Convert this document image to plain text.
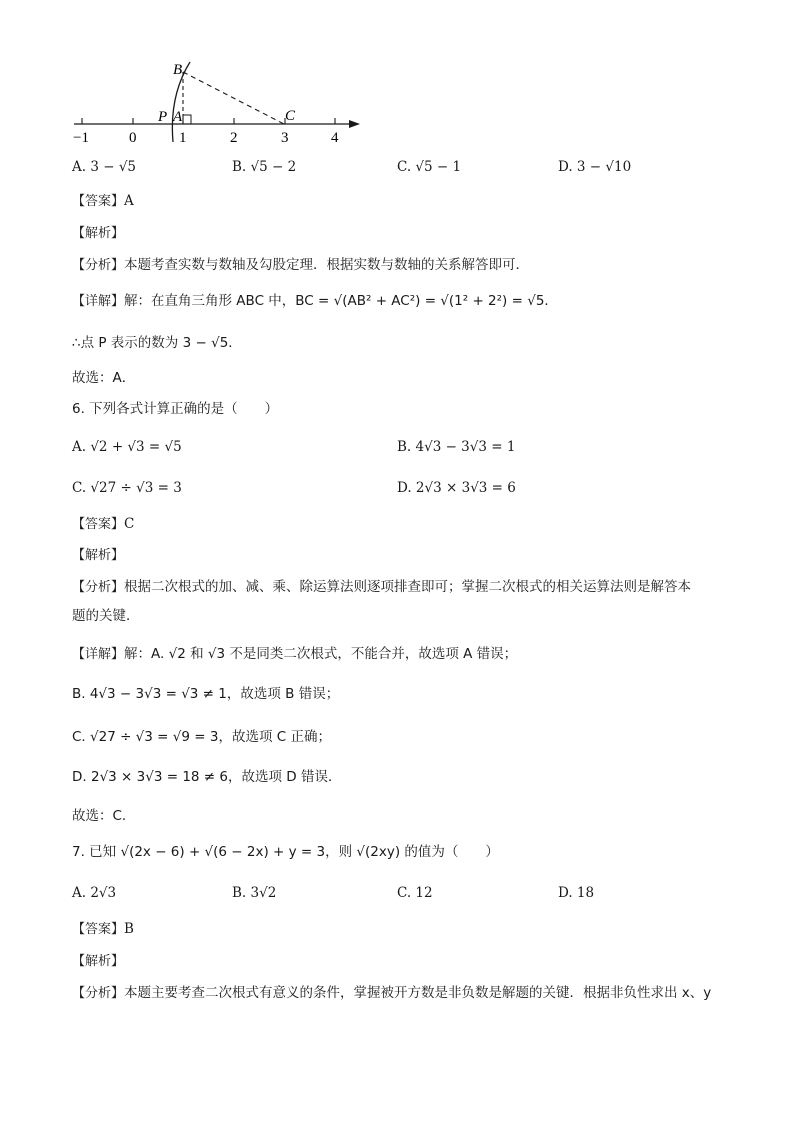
B
P A	C
−1	0	1	2	3	4
A. 3 − √5	B. √5 − 2	C. √5 − 1	D. 3 − √10
【答案】A
【解析】
【分析】本题考查实数与数轴及勾股定理．根据实数与数轴的关系解答即可．
【详解】解：在直角三角形 ABC 中，BC = √(AB² + AC²) = √(1² + 2²) = √5．
∴点 P 表示的数为 3 − √5．
故选：A．
6. 下列各式计算正确的是（　　）
A. √2 + √3 = √5	B. 4√3 − 3√3 = 1
C. √27 ÷ √3 = 3	D. 2√3 × 3√3 = 6
【答案】C
【解析】
【分析】根据二次根式的加、减、乘、除运算法则逐项排查即可；掌握二次根式的相关运算法则是解答本
题的关键．
【详解】解：A. √2 和 √3 不是同类二次根式，不能合并，故选项 A 错误；
B. 4√3 − 3√3 = √3 ≠ 1，故选项 B 错误；
C. √27 ÷ √3 = √9 = 3，故选项 C 正确；
D. 2√3 × 3√3 = 18 ≠ 6，故选项 D 错误．
故选：C．
7. 已知 √(2x − 6) + √(6 − 2x) + y = 3，则 √(2xy) 的值为（　　）
A. 2√3	B. 3√2	C. 12	D. 18
【答案】B
【解析】
【分析】本题主要考查二次根式有意义的条件，掌握被开方数是非负数是解题的关键．根据非负性求出 x、y
